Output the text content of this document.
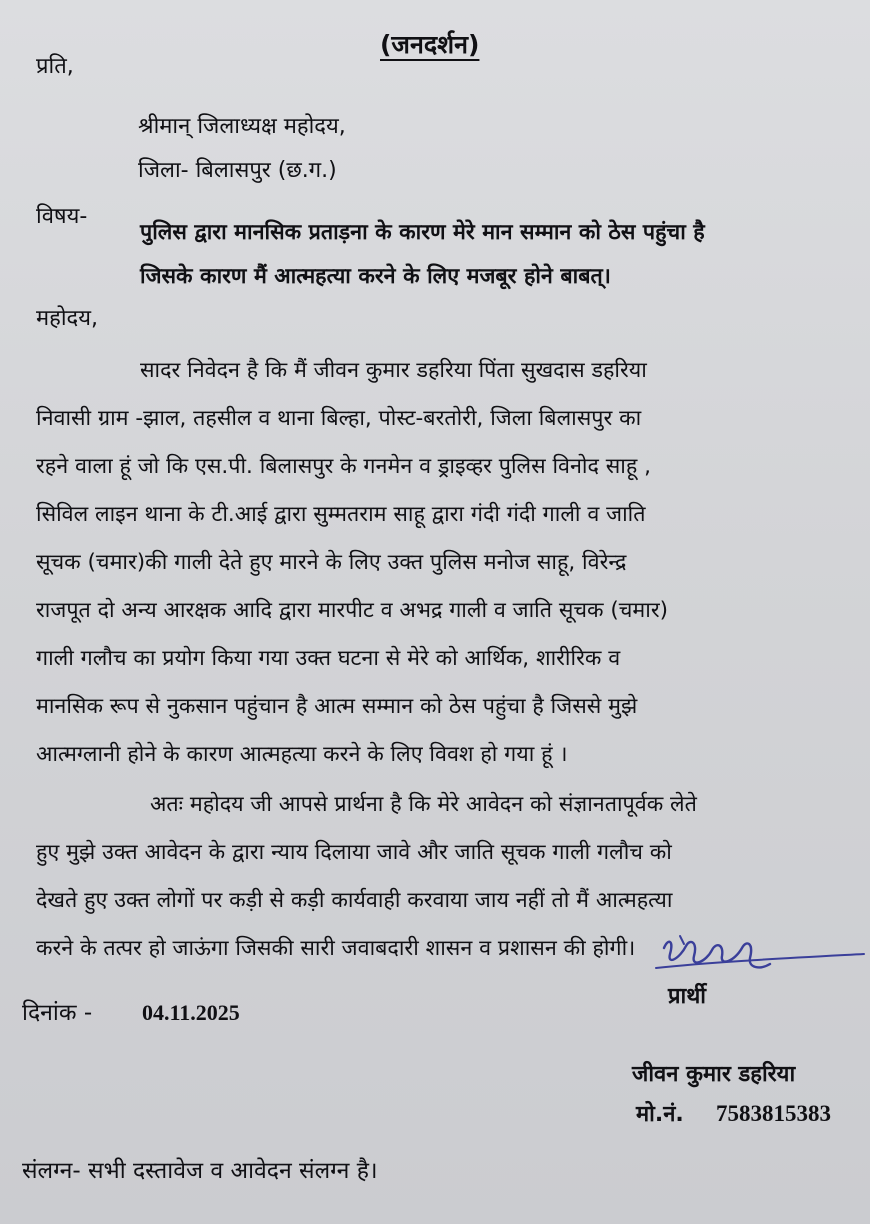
(जनदर्शन)
प्रति,
श्रीमान् जिलाध्यक्ष महोदय,
जिला- बिलासपुर (छ.ग.)
विषय-
पुलिस द्वारा मानसिक प्रताड़ना के कारण मेरे मान सम्मान को ठेस पहुंचा है
जिसके कारण मैं आत्महत्या करने के लिए मजबूर होने बाबत्।
महोदय,
सादर निवेदन है कि मैं जीवन कुमार डहरिया पिंता सुखदास डहरिया
निवासी ग्राम -झाल, तहसील व थाना बिल्हा, पोस्ट-बरतोरी, जिला बिलासपुर का
रहने वाला हूं जो कि एस.पी. बिलासपुर के गनमेन व ड्राइव्हर पुलिस विनोद साहू ,
सिविल लाइन थाना के टी.आई द्वारा सुम्मतराम साहू द्वारा गंदी गंदी गाली व जाति
सूचक (चमार)की गाली देते हुए मारने के लिए उक्त पुलिस मनोज साहू, विरेन्द्र
राजपूत दो अन्य आरक्षक आदि द्वारा मारपीट व अभद्र गाली व जाति सूचक (चमार)
गाली गलौच का प्रयोग किया गया उक्त घटना से मेरे को आर्थिक, शारीरिक व
मानसिक रूप से नुकसान पहुंचान है आत्म सम्मान को ठेस पहुंचा है जिससे मुझे
आत्मग्लानी होने के कारण आत्महत्या करने के लिए विवश हो गया हूं ।
अतः महोदय जी आपसे प्रार्थना है कि मेरे आवेदन को संज्ञानतापूर्वक लेते
हुए मुझे उक्त आवेदन के द्वारा न्याय दिलाया जावे और जाति सूचक गाली गलौच को
देखते हुए उक्त लोगों पर कड़ी से कड़ी कार्यवाही करवाया जाय नहीं तो मैं आत्महत्या
करने के तत्पर हो जाऊंगा जिसकी सारी जवाबदारी शासन व प्रशासन की होगी।
प्रार्थी
दिनांक - 04.11.2025
जीवन कुमार डहरिया
मो.नं. 7583815383
संलग्न- सभी दस्तावेज व आवेदन संलग्न है।
